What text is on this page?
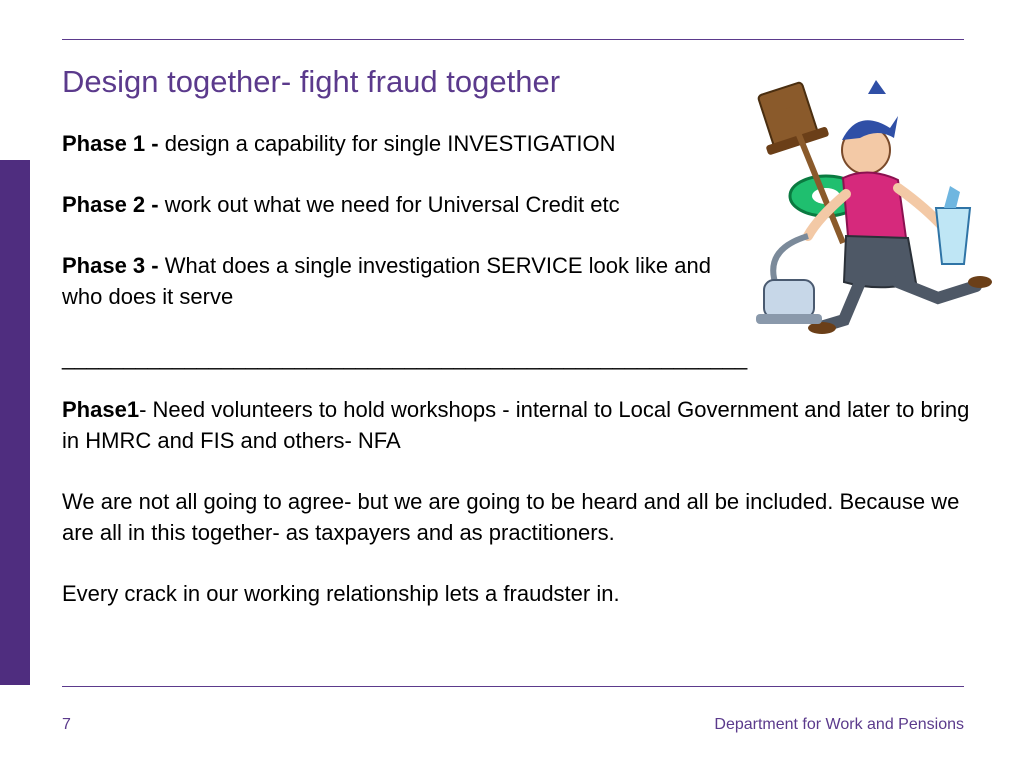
Design together- fight fraud together

Phase 1 - design a capability for single INVESTIGATION

Phase 2 - work out what we need for Universal Credit etc

Phase 3 - What does a single investigation SERVICE look like and who does it serve

________________________________________________________

Phase1- Need volunteers to hold workshops - internal to Local Government and later to bring in HMRC and FIS and others- NFA

We are not all going to agree- but we are going to be heard and all be included. Because we are all in this together- as taxpayers and as practitioners.

Every crack in our working relationship lets a fraudster in.

7	Department for Work and Pensions
